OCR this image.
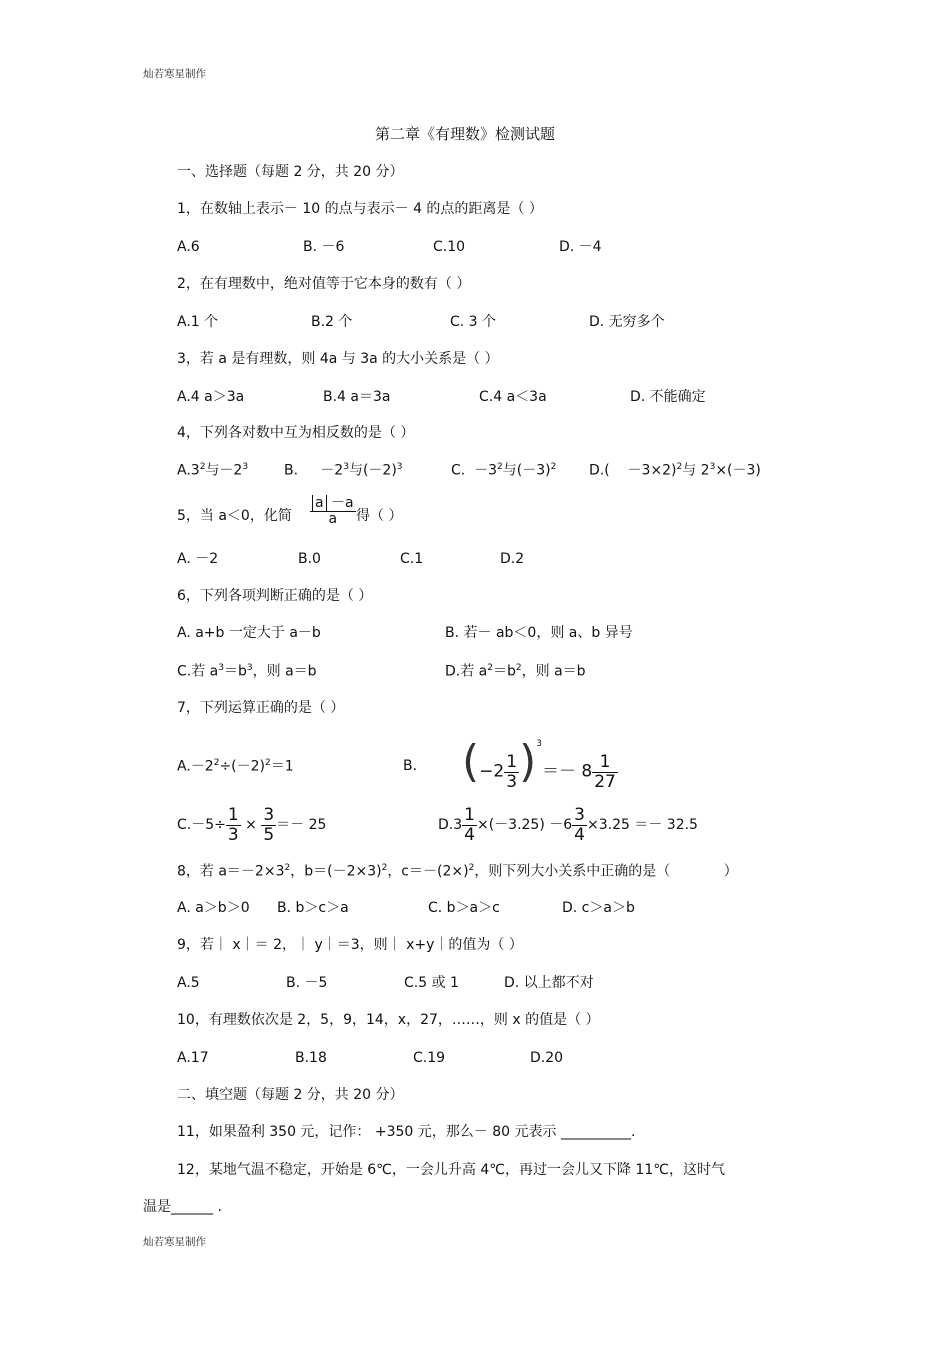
灿若寒星制作
第二章《有理数》检测试题
一、选择题（每题 2 分，共 20 分）
1，在数轴上表示－ 10 的点与表示－ 4 的点的距离是（ ）
A.6	B. －6	C.10	D. －4
2，在有理数中，绝对值等于它本身的数有（ ）
A.1 个	B.2 个	C. 3 个	D. 无穷多个
3，若 a 是有理数，则 4a 与 3a 的大小关系是（ ）
A.4 a＞3a	B.4 a＝3a	C.4 a＜3a	D. 不能确定
4，下列各对数中互为相反数的是（ ）
$A.3^2$与$-2^3$	B.     $-2^3$与$(-2)^3$	C.  $-3^2$与$(-3)^2$ D.(    －3×2)$^2$与 $2^3\times(-3)$
5，当 a＜0，化简 $\frac{a -a}{a}$ 得（ ）
A. －2	B.0	C.1	D.2
6，下列各项判断正确的是（ ）
A. a+b 一定大于 a－b	B. 若－ ab＜0，则 a、b 异号
C.若 $a^3=b^3$，则 a＝b	D.若 $a^2=b^2$，则 a＝b
7，下列运算正确的是（ ）
$A.-2^2\div(-2)^2=1$	B. $(-2 \frac{1}{3} )^3=- 8 \frac{1}{27}$
$C.-5\div \frac{1}{3} \times \frac{3}{5} =- 25$	$D.3 \frac{1}{4} \times(-3.25) -6 \frac{3}{4} \times 3.25 =- 32.5$
8，若 $a=-2\times 3^2$，$b=(-2\times 3)^2$，$c=-(2\times)^2$，则下列大小关系中正确的是（            ）
A. a＞b＞0 B. b＞c＞a	C. b＞a＞c	D. c＞a＞b
9，若｜ x｜＝ 2，｜ y｜＝3，则｜ x+y｜的值为（ ）
A.5	B. －5	C.5 或 1	D. 以上都不对
10，有理数依次是 2，5，9，14，x，27，……，则 x 的值是（ ）
A.17	B.18	C.19	D.20
二、填空题（每题 2 分，共 20 分）
11，如果盈利 350 元，记作： +350 元，那么－ 80 元表示 __________.
12，某地气温不稳定，开始是 6℃，一会儿升高 4℃，再过一会儿又下降 11℃，这时气
温是______ .
灿若寒星制作
